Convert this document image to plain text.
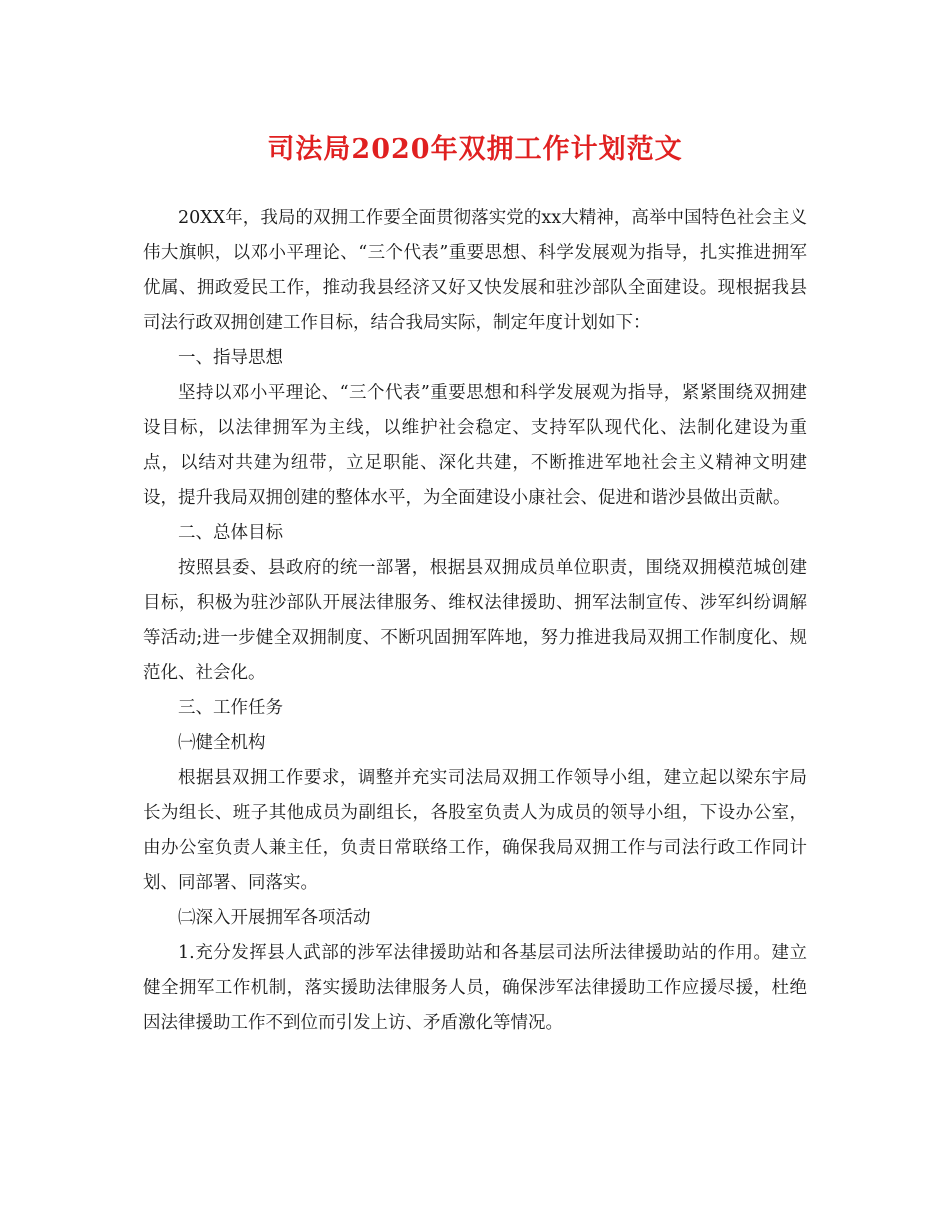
司法局2020年双拥工作计划范文

20XX年，我局的双拥工作要全面贯彻落实党的xx大精神，高举中国特色社会主义伟大旗帜，以邓小平理论、“三个代表”重要思想、科学发展观为指导，扎实推进拥军优属、拥政爱民工作，推动我县经济又好又快发展和驻沙部队全面建设。现根据我县司法行政双拥创建工作目标，结合我局实际，制定年度计划如下：

一、指导思想

坚持以邓小平理论、“三个代表”重要思想和科学发展观为指导，紧紧围绕双拥建设目标，以法律拥军为主线，以维护社会稳定、支持军队现代化、法制化建设为重点，以结对共建为纽带，立足职能、深化共建，不断推进军地社会主义精神文明建设，提升我局双拥创建的整体水平，为全面建设小康社会、促进和谐沙县做出贡献。

二、总体目标

按照县委、县政府的统一部署，根据县双拥成员单位职责，围绕双拥模范城创建目标，积极为驻沙部队开展法律服务、维权法律援助、拥军法制宣传、涉军纠纷调解等活动;进一步健全双拥制度、不断巩固拥军阵地，努力推进我局双拥工作制度化、规范化、社会化。

三、工作任务

㈠健全机构

根据县双拥工作要求，调整并充实司法局双拥工作领导小组，建立起以梁东宇局长为组长、班子其他成员为副组长，各股室负责人为成员的领导小组，下设办公室，由办公室负责人兼主任，负责日常联络工作，确保我局双拥工作与司法行政工作同计划、同部署、同落实。

㈡深入开展拥军各项活动

1.充分发挥县人武部的涉军法律援助站和各基层司法所法律援助站的作用。建立健全拥军工作机制，落实援助法律服务人员，确保涉军法律援助工作应援尽援，杜绝因法律援助工作不到位而引发上访、矛盾激化等情况。
